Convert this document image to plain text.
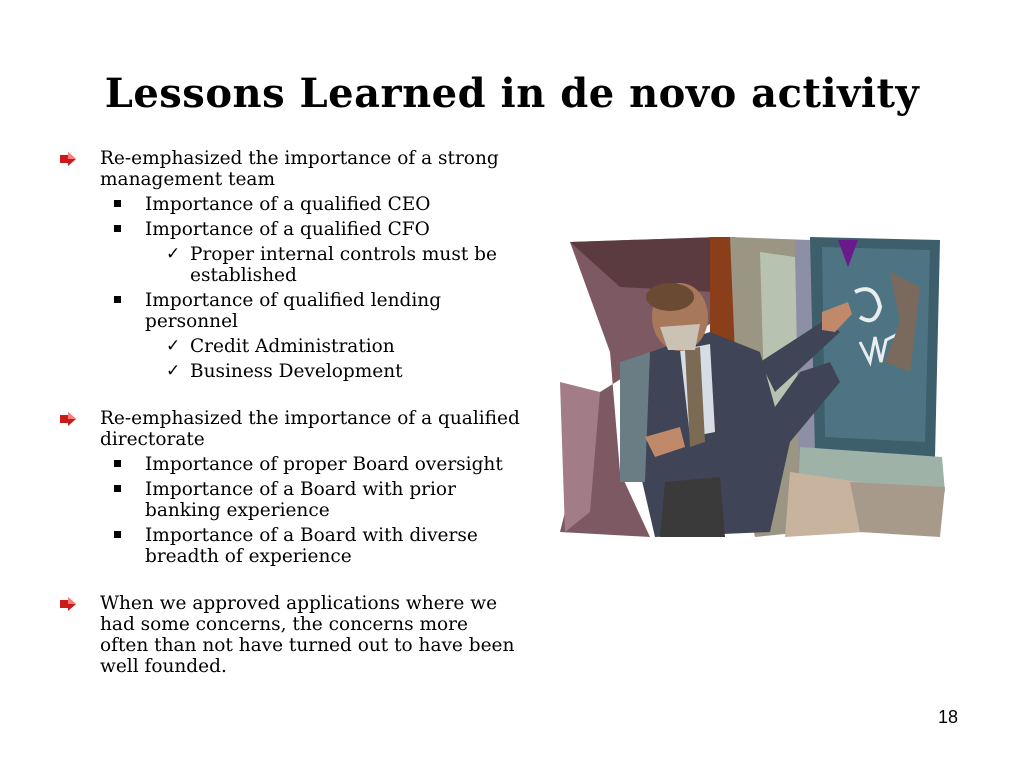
Lessons Learned in de novo activity
Re-emphasized the importance of a strong management team
Importance of a qualified CEO
Importance of a qualified CFO
✓ Proper internal controls must be established
Importance of qualified lending personnel
✓ Credit Administration
✓ Business Development
Re-emphasized the importance of a qualified directorate
Importance of proper Board oversight
Importance of a Board with prior banking experience
Importance of a Board with diverse breadth of experience
When we approved applications where we had some concerns, the concerns more often than not have turned out to have been well founded.
18
